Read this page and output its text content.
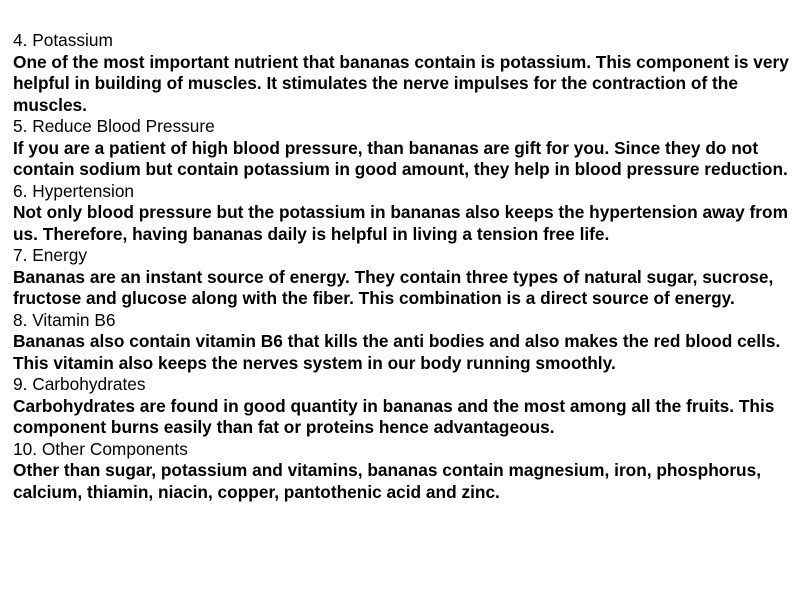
4. Potassium
One of the most important nutrient that bananas contain is potassium. This component is very helpful in building of muscles. It stimulates the nerve impulses for the contraction of the muscles.
5. Reduce Blood Pressure
If you are a patient of high blood pressure, than bananas are gift for you. Since they do not contain sodium but contain potassium in good amount, they help in blood pressure reduction.
6. Hypertension
Not only blood pressure but the potassium in bananas also keeps the hypertension away from us. Therefore, having bananas daily is helpful in living a tension free life.
7. Energy
Bananas are an instant source of energy. They contain three types of natural sugar, sucrose, fructose and glucose along with the fiber. This combination is a direct source of energy.
8. Vitamin B6
Bananas also contain vitamin B6 that kills the anti bodies and also makes the red blood cells. This vitamin also keeps the nerves system in our body running smoothly.
9. Carbohydrates
Carbohydrates are found in good quantity in bananas and the most among all the fruits. This component burns easily than fat or proteins hence advantageous.
10. Other Components
Other than sugar, potassium and vitamins, bananas contain magnesium, iron, phosphorus, calcium, thiamin, niacin, copper, pantothenic acid and zinc.
